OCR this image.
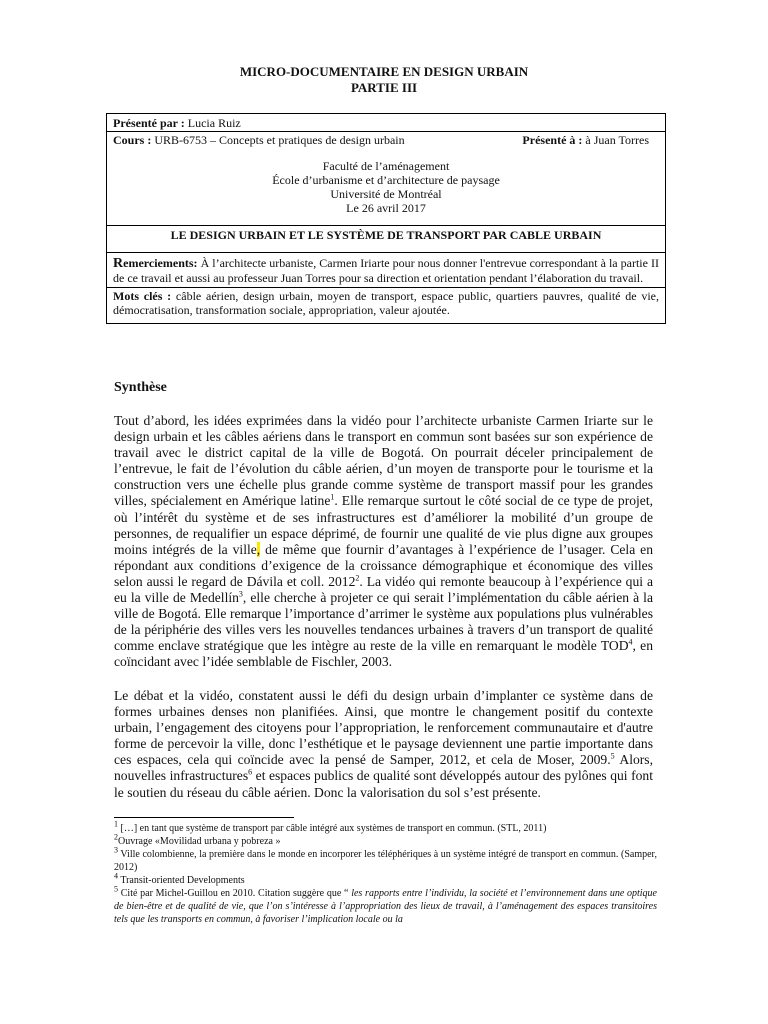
MICRO-DOCUMENTAIRE EN DESIGN URBAIN
PARTIE III
Présenté par : Lucia Ruiz
Cours : URB-6753 – Concepts et pratiques de design urbain	Présenté à : à Juan Torres
Faculté de l’aménagement
École d’urbanisme et d’architecture de paysage
Université de Montréal
Le 26 avril 2017
LE DESIGN URBAIN ET LE SYSTÈME DE TRANSPORT PAR CABLE URBAIN
Remerciements: À l’architecte urbaniste, Carmen Iriarte pour nous donner l'entrevue correspondant à la partie II de ce travail et aussi au professeur Juan Torres pour sa direction et orientation pendant l’élaboration du travail.
Mots clés : câble aérien, design urbain, moyen de transport, espace public, quartiers pauvres, qualité de vie, démocratisation, transformation sociale, appropriation, valeur ajoutée.
Synthèse
Tout d’abord, les idées exprimées dans la vidéo pour l’architecte urbaniste Carmen Iriarte sur le design urbain et les câbles aériens dans le transport en commun sont basées sur son expérience de travail avec le district capital de la ville de Bogotá. On pourrait déceler principalement de l’entrevue, le fait de l’évolution du câble aérien, d’un moyen de transporte pour le tourisme et la construction vers une échelle plus grande comme système de transport massif pour les grandes villes, spécialement en Amérique latine$^1$. Elle remarque surtout le côté social de ce type de projet, où l’intérêt du système et de ses infrastructures est d’améliorer la mobilité d’un groupe de personnes, de requalifier un espace déprimé, de fournir une qualité de vie plus digne aux groupes moins intégrés de la ville, de même que fournir d’avantages à l’expérience de l’usager. Cela en répondant aux conditions d’exigence de la croissance démographique et économique des villes selon aussi le regard de Dávila et coll. 2012$^2$. La vidéo qui remonte beaucoup à l’expérience qui a eu la ville de Medellín$^3$, elle cherche à projeter ce qui serait l’implémentation du câble aérien à la ville de Bogotá. Elle remarque l’importance d’arrimer le système aux populations plus vulnérables de la périphérie des villes vers les nouvelles tendances urbaines à travers d’un transport de qualité comme enclave stratégique que les intègre au reste de la ville en remarquant le modèle TOD$^4$, en coïncidant avec l’idée semblable de Fischler, 2003.
Le débat et la vidéo, constatent aussi le défi du design urbain d’implanter ce système dans de formes urbaines denses non planifiées. Ainsi, que montre le changement positif du contexte urbain, l’engagement des citoyens pour l’appropriation, le renforcement communautaire et d'autre forme de percevoir la ville, donc l’esthétique et le paysage deviennent une partie importante dans ces espaces, cela qui coïncide avec la pensé de Samper, 2012, et cela de Moser, 2009.$^5$ Alors, nouvelles infrastructures$^6$ et espaces publics de qualité sont développés autour des pylônes qui font le soutien du réseau du câble aérien. Donc la valorisation du sol s’est présente.

$^1$ […] en tant que système de transport par câble intégré aux systèmes de transport en commun. (STL, 2011)

$^2$Ouvrage «Movilidad urbana y pobreza »

$^3$ Ville colombienne, la première dans le monde en incorporer les téléphériques à un système intégré de transport en commun. (Samper, 2012)

$^4$ Transit-oriented Developments

$^5$ Cité par Michel-Guillou en 2010. Citation suggère que “ les rapports entre l’individu, la société et l’environnement dans une optique de bien-être et de qualité de vie, que l’on s’intéresse à l’appropriation des lieux de travail, à l’aménagement des espaces transitoires tels que les transports en commun, à favoriser l’implication locale ou la
